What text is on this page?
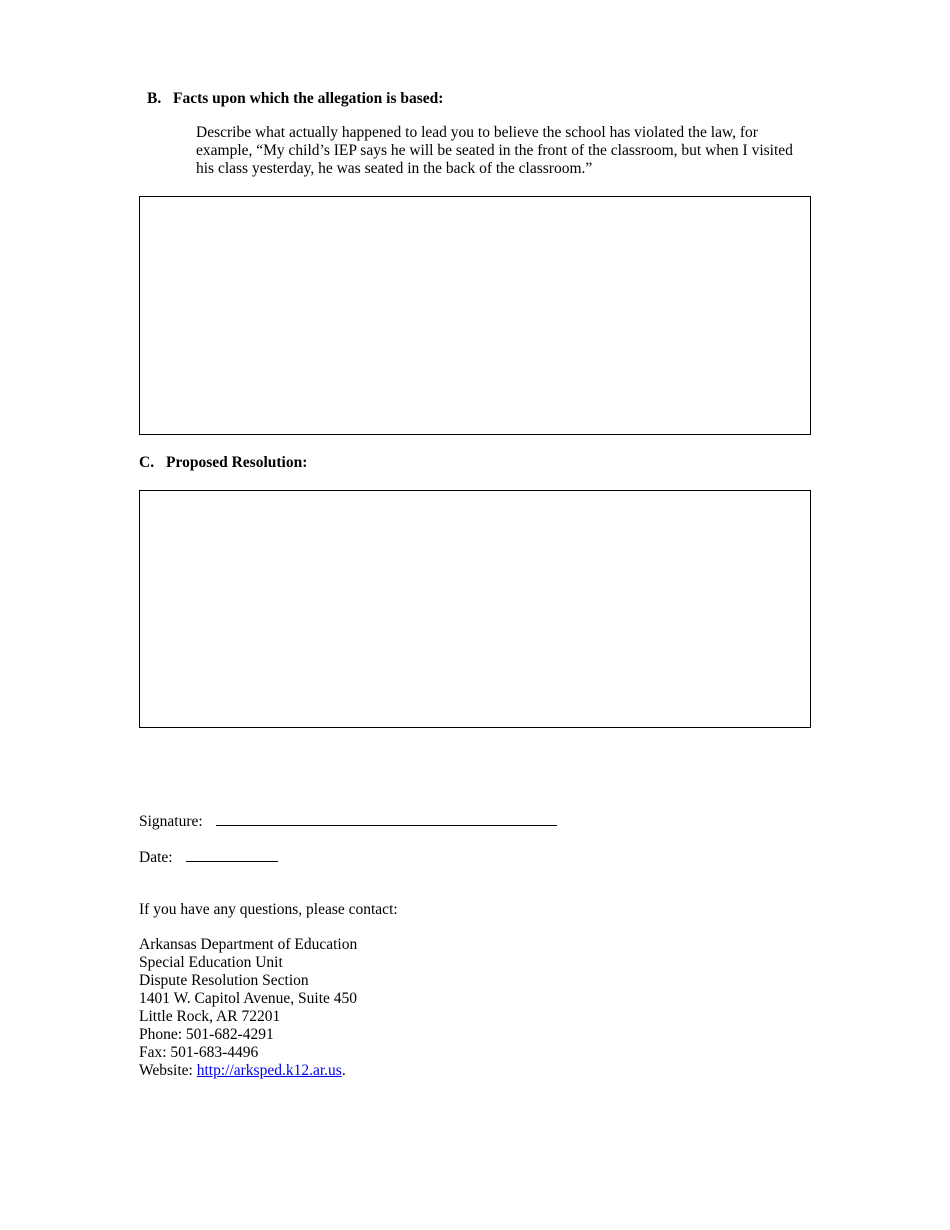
B. Facts upon which the allegation is based:
Describe what actually happened to lead you to believe the school has violated the law, for example, “My child’s IEP says he will be seated in the front of the classroom, but when I visited his class yesterday, he was seated in the back of the classroom.”
C. Proposed Resolution:
Signature:
Date:
If you have any questions, please contact:
Arkansas Department of Education
Special Education Unit
Dispute Resolution Section
1401 W. Capitol Avenue, Suite 450
Little Rock, AR 72201
Phone: 501-682-4291
Fax: 501-683-4496
Website: http://arksped.k12.ar.us.
